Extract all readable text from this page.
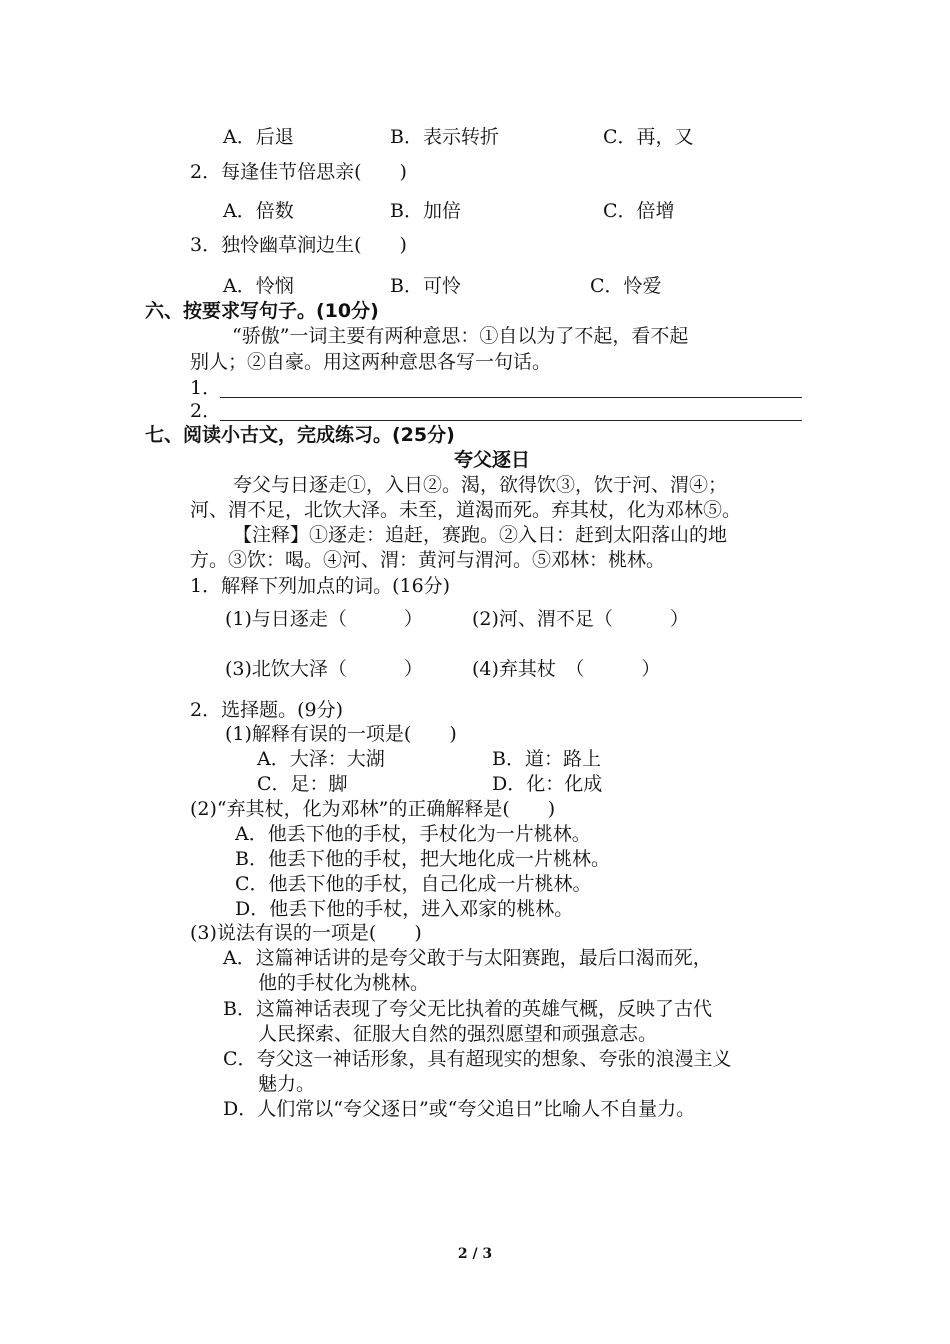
A．后退	B．表示转折	C．再，又
2．每逢佳节倍思亲(　　)
A．倍数	B．加倍	C．倍增
3．独怜幽草涧边生(　　)
A．怜悯	B．可怜	C．怜爱
六、按要求写句子。(10分)
“骄傲”一词主要有两种意思：①自以为了不起，看不起
别人；②自豪。用这两种意思各写一句话。
1．
2．
七、阅读小古文，完成练习。(25分)
夸父逐日
夸父与日逐走①，入日②。渴，欲得饮③，饮于河、渭④；
河、渭不足，北饮大泽。未至，道渴而死。弃其杖，化为邓林⑤。
【注释】①逐走：追赶，赛跑。②入日：赶到太阳落山的地
方。③饮：喝。④河、渭：黄河与渭河。⑤邓林：桃林。
1．解释下列加点的词。(16分)
(1)与日逐走（　　　）	(2)河、渭不足（　　　）
(3)北饮大泽（　　　）	(4)弃其杖　（　　　）
2．选择题。(9分)
(1)解释有误的一项是(　　)
A．大泽：大湖	B．道：路上
C．足：脚	D．化：化成
(2)“弃其杖，化为邓林”的正确解释是(　　)
A．他丢下他的手杖，手杖化为一片桃林。
B．他丢下他的手杖，把大地化成一片桃林。
C．他丢下他的手杖，自己化成一片桃林。
D．他丢下他的手杖，进入邓家的桃林。
(3)说法有误的一项是(　　)
A．这篇神话讲的是夸父敢于与太阳赛跑，最后口渴而死，
他的手杖化为桃林。
B．这篇神话表现了夸父无比执着的英雄气概，反映了古代
人民探索、征服大自然的强烈愿望和顽强意志。
C．夸父这一神话形象，具有超现实的想象、夸张的浪漫主义
魅力。
D．人们常以“夸父逐日”或“夸父追日”比喻人不自量力。
2 / 3
